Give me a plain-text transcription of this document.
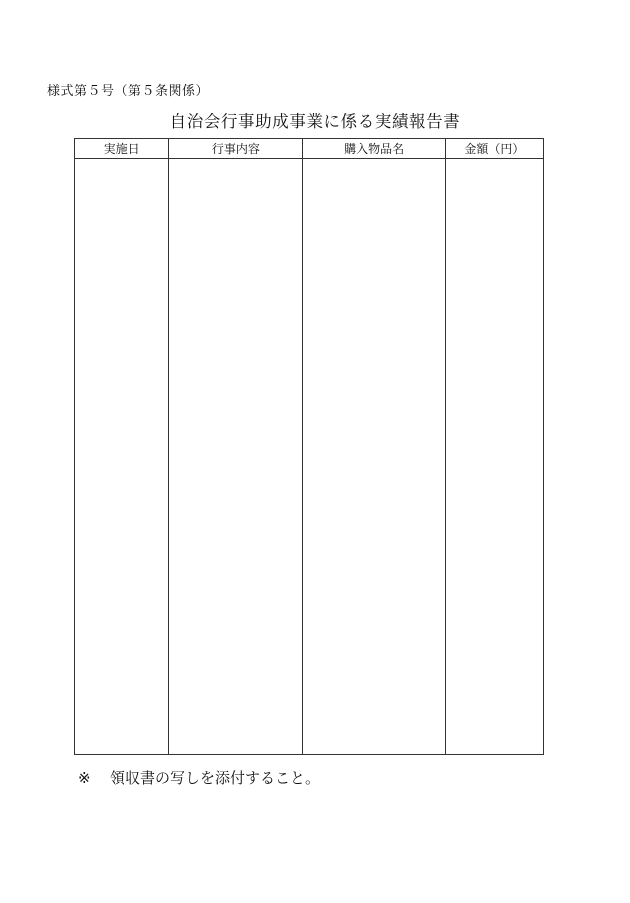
様式第５号（第５条関係）
自治会行事助成事業に係る実績報告書
実施日	行事内容	購入物品名	金額（円）

※ 領収書の写しを添付すること。
